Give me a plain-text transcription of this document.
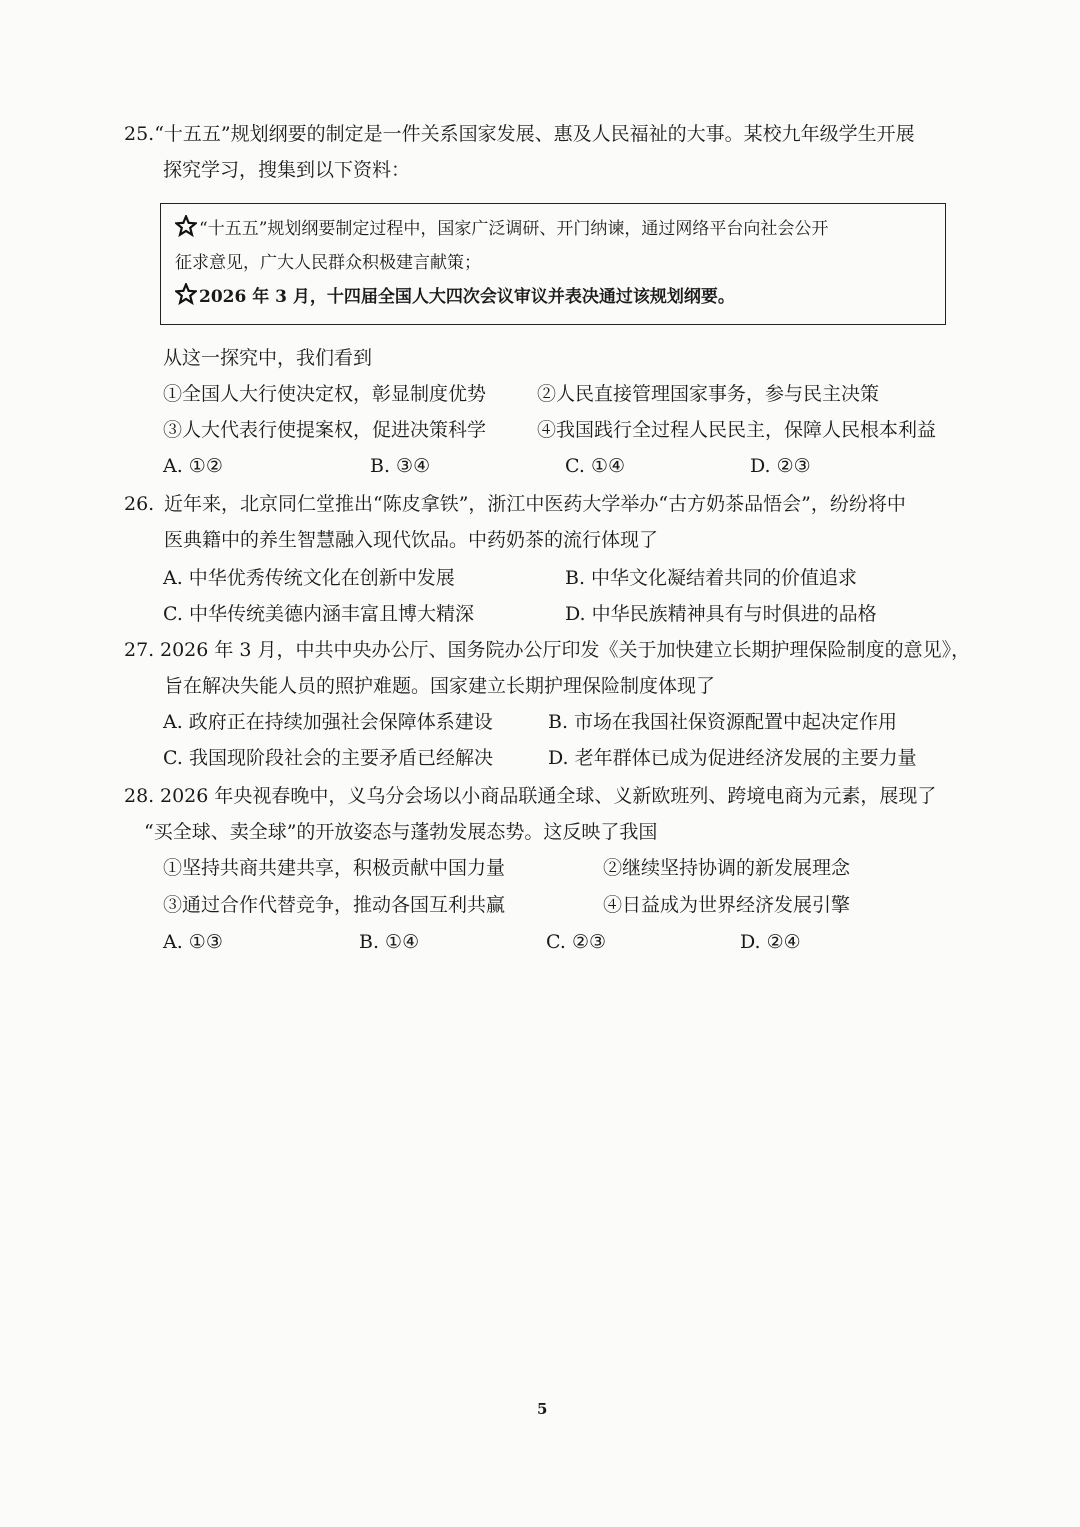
25.“十五五”规划纲要的制定是一件关系国家发展、惠及人民福祉的大事。某校九年级学生开展
探究学习，搜集到以下资料：
“十五五”规划纲要制定过程中，国家广泛调研、开门纳谏，通过网络平台向社会公开
征求意见，广大人民群众积极建言献策；
2026 年 3 月，十四届全国人大四次会议审议并表决通过该规划纲要。
从这一探究中，我们看到
①全国人大行使决定权，彰显制度优势	②人民直接管理国家事务，参与民主决策
③人大代表行使提案权，促进决策科学	④我国践行全过程人民民主，保障人民根本利益
A. ①②	B. ③④	C. ①④	D. ②③
26. 近年来，北京同仁堂推出“陈皮拿铁”，浙江中医药大学举办“古方奶茶品悟会”，纷纷将中
医典籍中的养生智慧融入现代饮品。中药奶茶的流行体现了
A. 中华优秀传统文化在创新中发展	B. 中华文化凝结着共同的价值追求
C. 中华传统美德内涵丰富且博大精深	D. 中华民族精神具有与时俱进的品格
27. 2026 年 3 月，中共中央办公厅、国务院办公厅印发《关于加快建立长期护理保险制度的意见》，
旨在解决失能人员的照护难题。国家建立长期护理保险制度体现了
A. 政府正在持续加强社会保障体系建设	B. 市场在我国社保资源配置中起决定作用
C. 我国现阶段社会的主要矛盾已经解决	D. 老年群体已成为促进经济发展的主要力量
28. 2026 年央视春晚中，义乌分会场以小商品联通全球、义新欧班列、跨境电商为元素，展现了
“买全球、卖全球”的开放姿态与蓬勃发展态势。这反映了我国
①坚持共商共建共享，积极贡献中国力量	②继续坚持协调的新发展理念
③通过合作代替竞争，推动各国互利共赢	④日益成为世界经济发展引擎
A. ①③	B. ①④	C. ②③	D. ②④
5
